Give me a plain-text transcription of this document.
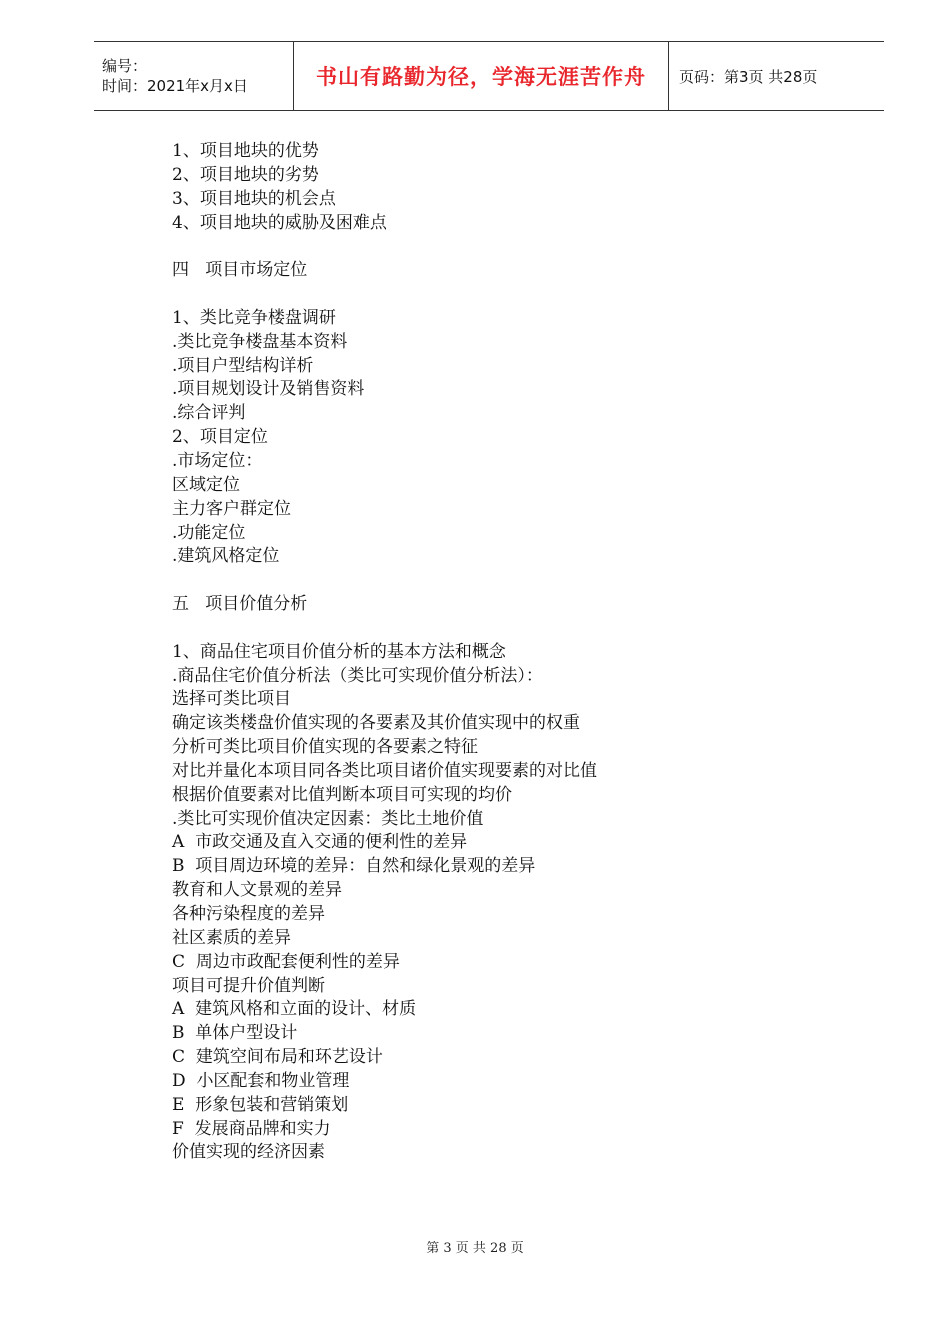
编号：
时间：2021年x月x日	书山有路勤为径，学海无涯苦作舟	页码：第3页 共28页
1、项目地块的优势
2、项目地块的劣势
3、项目地块的机会点
4、项目地块的威胁及困难点
四   项目市场定位
1、类比竞争楼盘调研
.类比竞争楼盘基本资料
.项目户型结构详析
.项目规划设计及销售资料
.综合评判
2、项目定位
.市场定位：
区域定位
主力客户群定位
.功能定位
.建筑风格定位
五   项目价值分析
1、商品住宅项目价值分析的基本方法和概念
.商品住宅价值分析法（类比可实现价值分析法）：
选择可类比项目
确定该类楼盘价值实现的各要素及其价值实现中的权重
分析可类比项目价值实现的各要素之特征
对比并量化本项目同各类比项目诸价值实现要素的对比值
根据价值要素对比值判断本项目可实现的均价
.类比可实现价值决定因素：类比土地价值
A  市政交通及直入交通的便利性的差异
B  项目周边环境的差异：自然和绿化景观的差异
教育和人文景观的差异
各种污染程度的差异
社区素质的差异
C  周边市政配套便利性的差异
项目可提升价值判断
A  建筑风格和立面的设计、材质
B  单体户型设计
C  建筑空间布局和环艺设计
D  小区配套和物业管理
E  形象包装和营销策划
F  发展商品牌和实力
价值实现的经济因素
第 3 页 共 28 页
